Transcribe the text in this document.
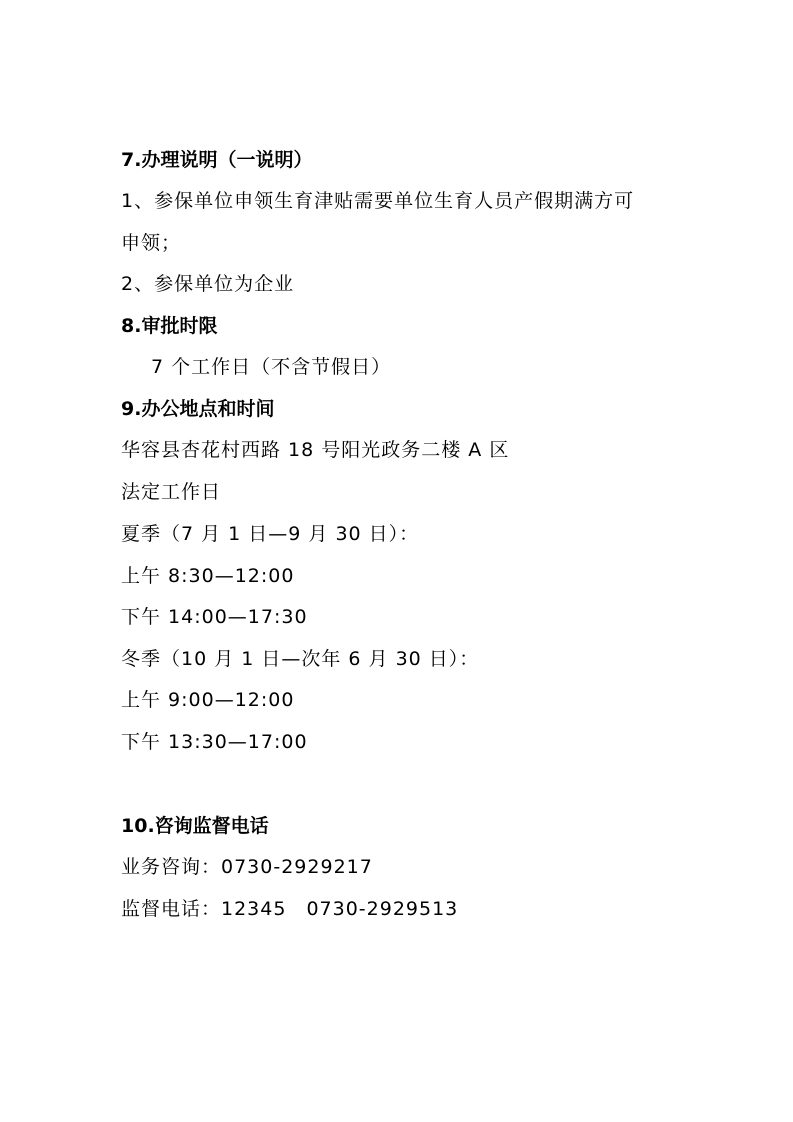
7.办理说明（一说明）
1、参保单位申领生育津贴需要单位生育人员产假期满方可
申领；
2、参保单位为企业
8.审批时限
7 个工作日（不含节假日）
9.办公地点和时间
华容县杏花村西路 18 号阳光政务二楼 A 区
法定工作日
夏季（7 月 1 日—9 月 30 日）：
上午 8:30—12:00
下午 14:00—17:30
冬季（10 月 1 日—次年 6 月 30 日）：
上午 9:00—12:00
下午 13:30—17:00
10.咨询监督电话
业务咨询：0730-2929217
监督电话：12345　0730-2929513
